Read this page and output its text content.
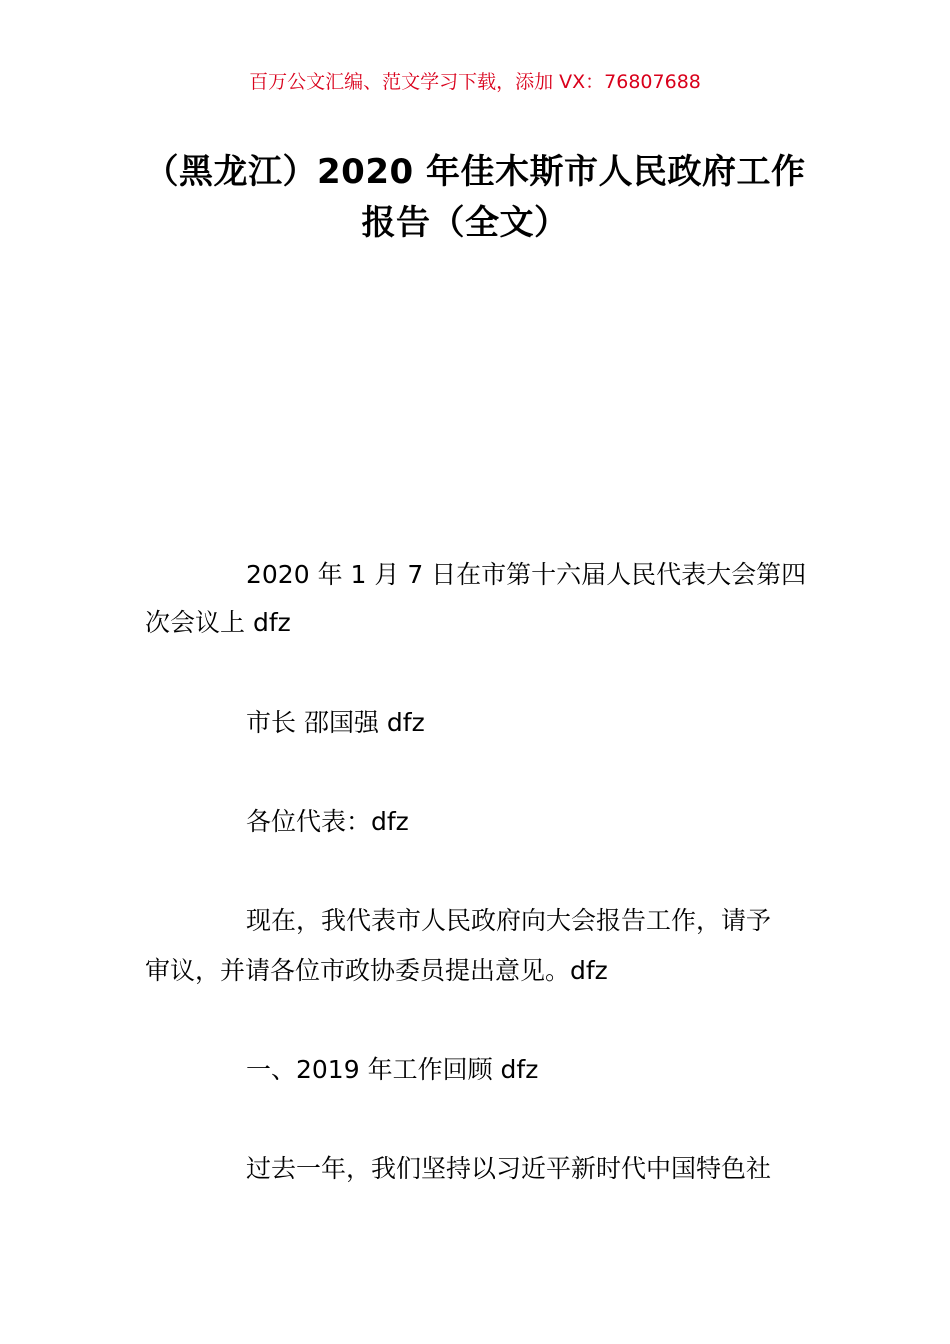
百万公文汇编、范文学习下载，添加 VX：76807688
（黑龙江）2020 年佳木斯市人民政府工作
报告（全文）
2020 年 1 月 7 日在市第十六届人民代表大会第四
次会议上 dfz
市长 邵国强 dfz
各位代表：dfz
现在，我代表市人民政府向大会报告工作，请予
审议，并请各位市政协委员提出意见。dfz
一、2019 年工作回顾 dfz
过去一年，我们坚持以习近平新时代中国特色社
